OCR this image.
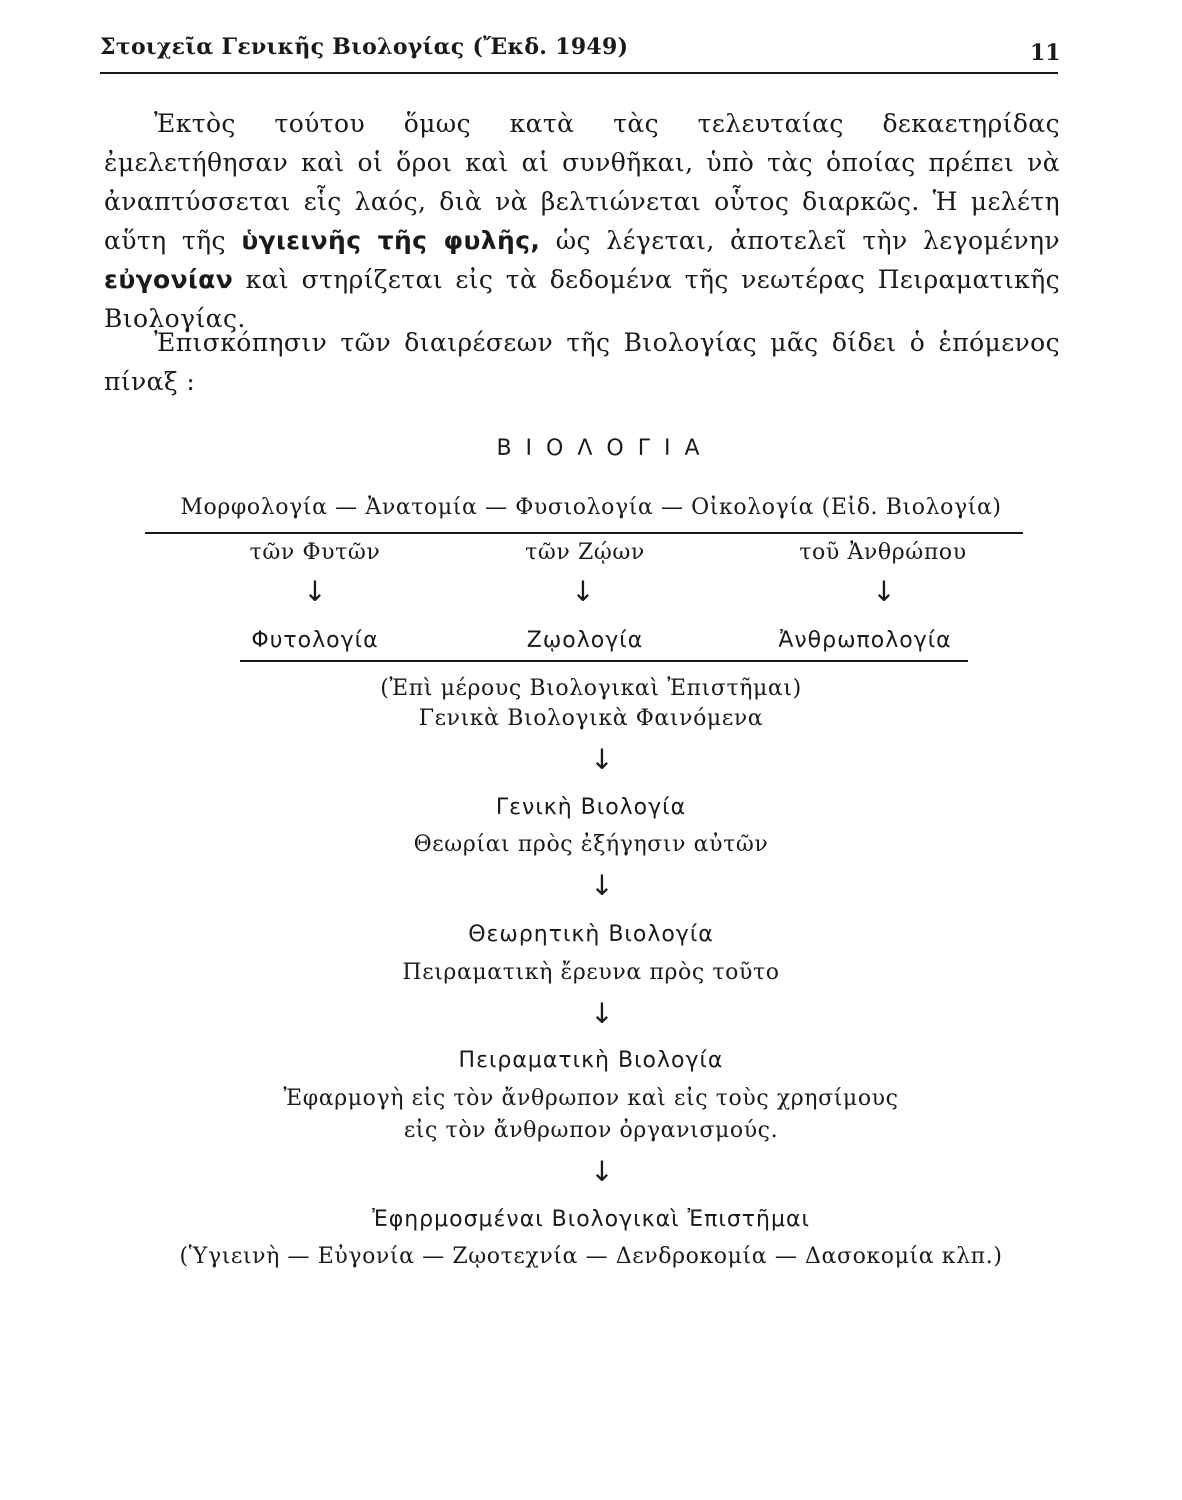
Στοιχεῖα Γενικῆς Βιολογίας (Ἔκδ. 1949)	11
Ἐκτὸς τούτου ὅμως κατὰ τὰς τελευταίας δεκαετηρίδας ἐμελετήθησαν καὶ οἱ ὅροι καὶ αἱ συνθῆκαι, ὑπὸ τὰς ὁποίας πρέπει νὰ ἀναπτύσσεται εἷς λαός, διὰ νὰ βελτιώνεται οὗτος διαρκῶς. Ἡ μελέτη αὕτη τῆς ὑγιεινῆς τῆς φυλῆς, ὡς λέγεται, ἀποτελεῖ τὴν λεγομένην εὐγονίαν καὶ στηρίζεται εἰς τὰ δεδομένα τῆς νεωτέρας Πειραματικῆς Βιολογίας.
Ἐπισκόπησιν τῶν διαιρέσεων τῆς Βιολογίας μᾶς δίδει ὁ ἑπόμενος πίναξ :
ΒΙΟΛΟΓΙΑ
Μορφολογία — Ἀνατομία — Φυσιολογία — Οἰκολογία (Εἰδ. Βιολογία)
τῶν Φυτῶν	τῶν Ζῴων	τοῦ Ἀνθρώπου
↓	↓	↓
Φυτολογία	Ζῳολογία	Ἀνθρωπολογία
(Ἐπὶ μέρους Βιολογικαὶ Ἐπιστῆμαι)
Γενικὰ Βιολογικὰ Φαινόμενα
↓
Γενικὴ Βιολογία
Θεωρίαι πρὸς ἐξήγησιν αὐτῶν
↓
Θεωρητικὴ Βιολογία
Πειραματικὴ ἔρευνα πρὸς τοῦτο
↓
Πειραματικὴ Βιολογία
Ἐφαρμογὴ εἰς τὸν ἄνθρωπον καὶ εἰς τοὺς χρησίμους
εἰς τὸν ἄνθρωπον ὀργανισμούς.
↓
Ἐφηρμοσμέναι Βιολογικαὶ Ἐπιστῆμαι
(Ὑγιεινὴ — Εὐγονία — Ζῳοτεχνία — Δενδροκομία — Δασοκομία κλπ.)
